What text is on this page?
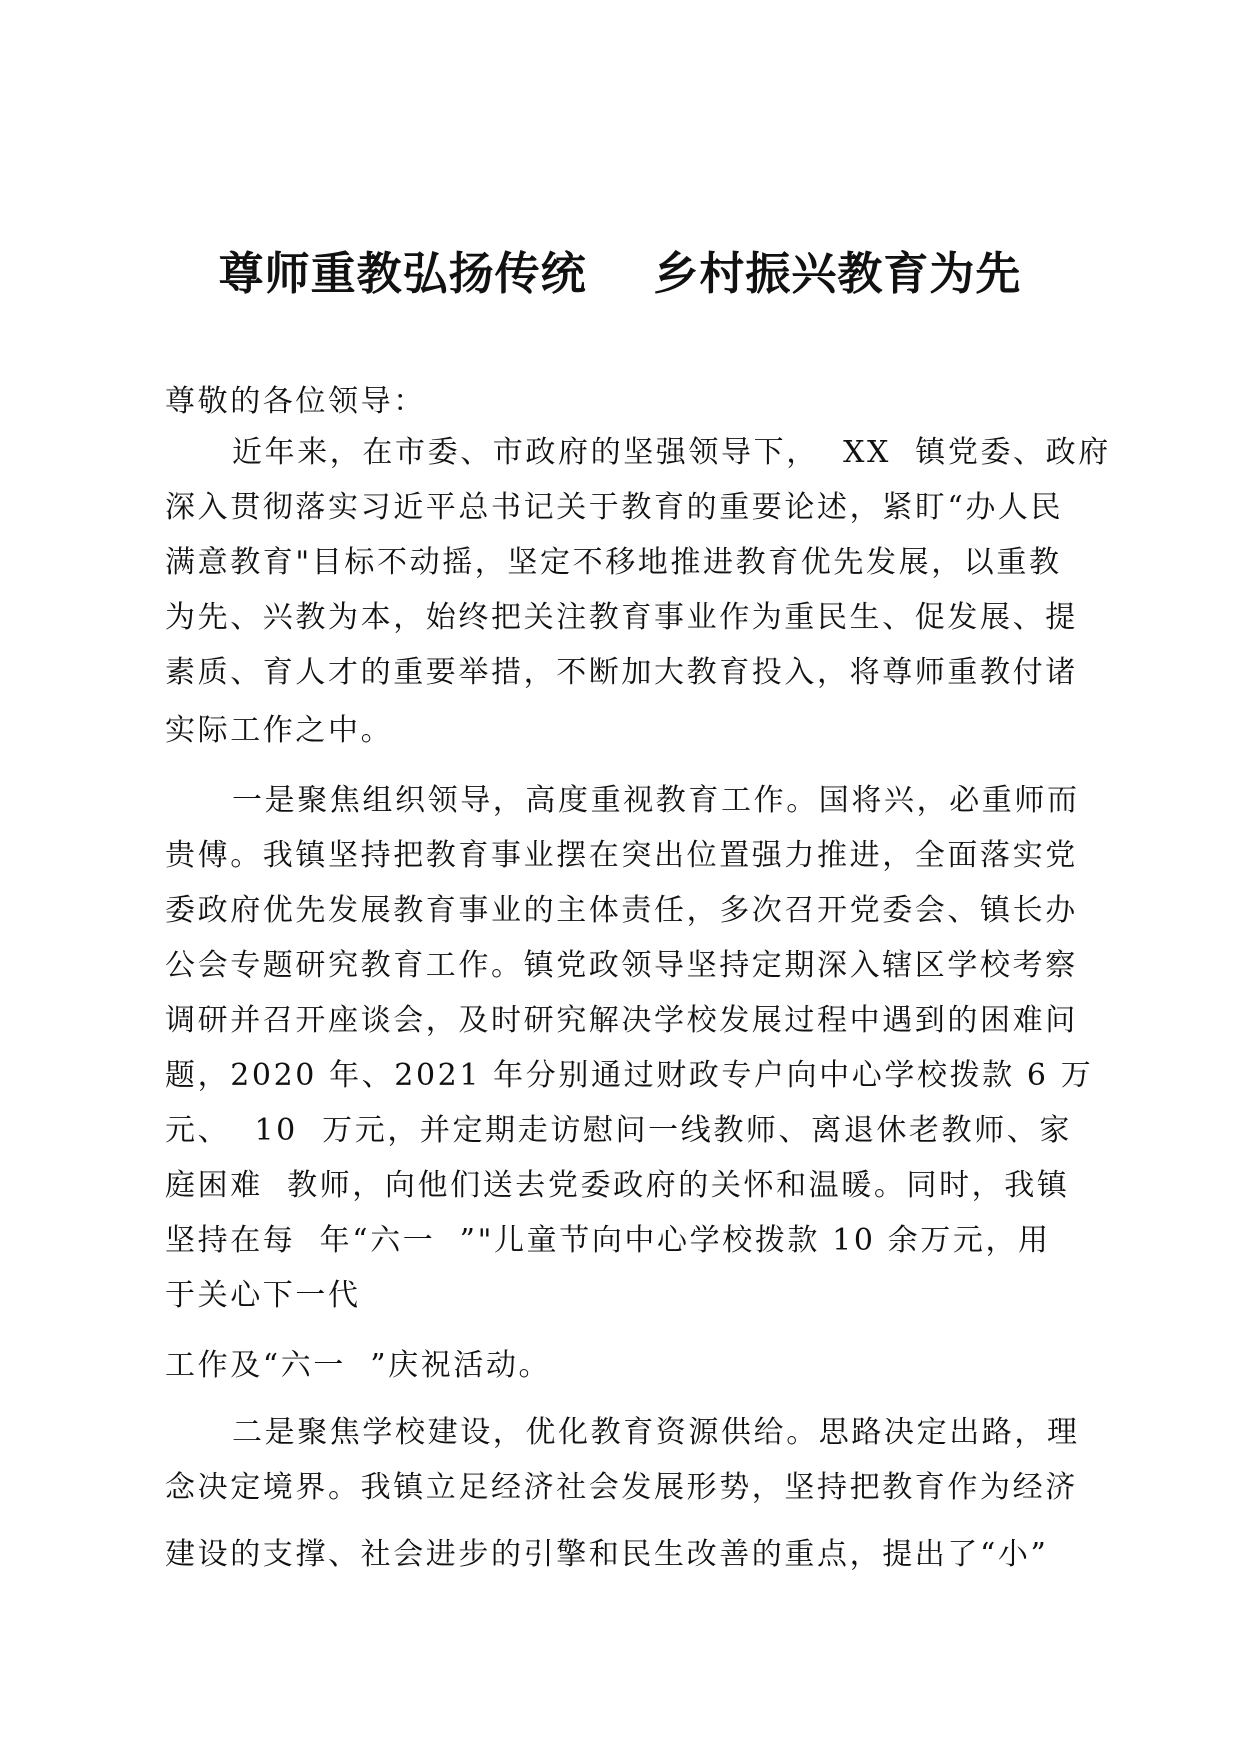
尊师重教弘扬传统    乡村振兴教育为先
尊敬的各位领导：
近年来，在市委、市政府的坚强领导下，  XX  镇党委、政府
深入贯彻落实习近平总书记关于教育的重要论述，紧盯“办人民
满意教育"目标不动摇，坚定不移地推进教育优先发展，以重教
为先、兴教为本，始终把关注教育事业作为重民生、促发展、提
素质、育人才的重要举措，不断加大教育投入，将尊师重教付诸
实际工作之中。
一是聚焦组织领导，高度重视教育工作。国将兴，必重师而
贵傅。我镇坚持把教育事业摆在突出位置强力推进，全面落实党
委政府优先发展教育事业的主体责任，多次召开党委会、镇长办
公会专题研究教育工作。镇党政领导坚持定期深入辖区学校考察
调研并召开座谈会，及时研究解决学校发展过程中遇到的困难问
题，2020 年、2021 年分别通过财政专户向中心学校拨款 6 万
元、  10  万元，并定期走访慰问一线教师、离退休老教师、家
庭困难  教师，向他们送去党委政府的关怀和温暖。同时，我镇
坚持在每  年“六一  ”"儿童节向中心学校拨款 10 余万元，用
于关心下一代
工作及“六一  ”庆祝活动。
二是聚焦学校建设，优化教育资源供给。思路决定出路，理
念决定境界。我镇立足经济社会发展形势，坚持把教育作为经济
建设的支撑、社会进步的引擎和民生改善的重点，提出了“小”
